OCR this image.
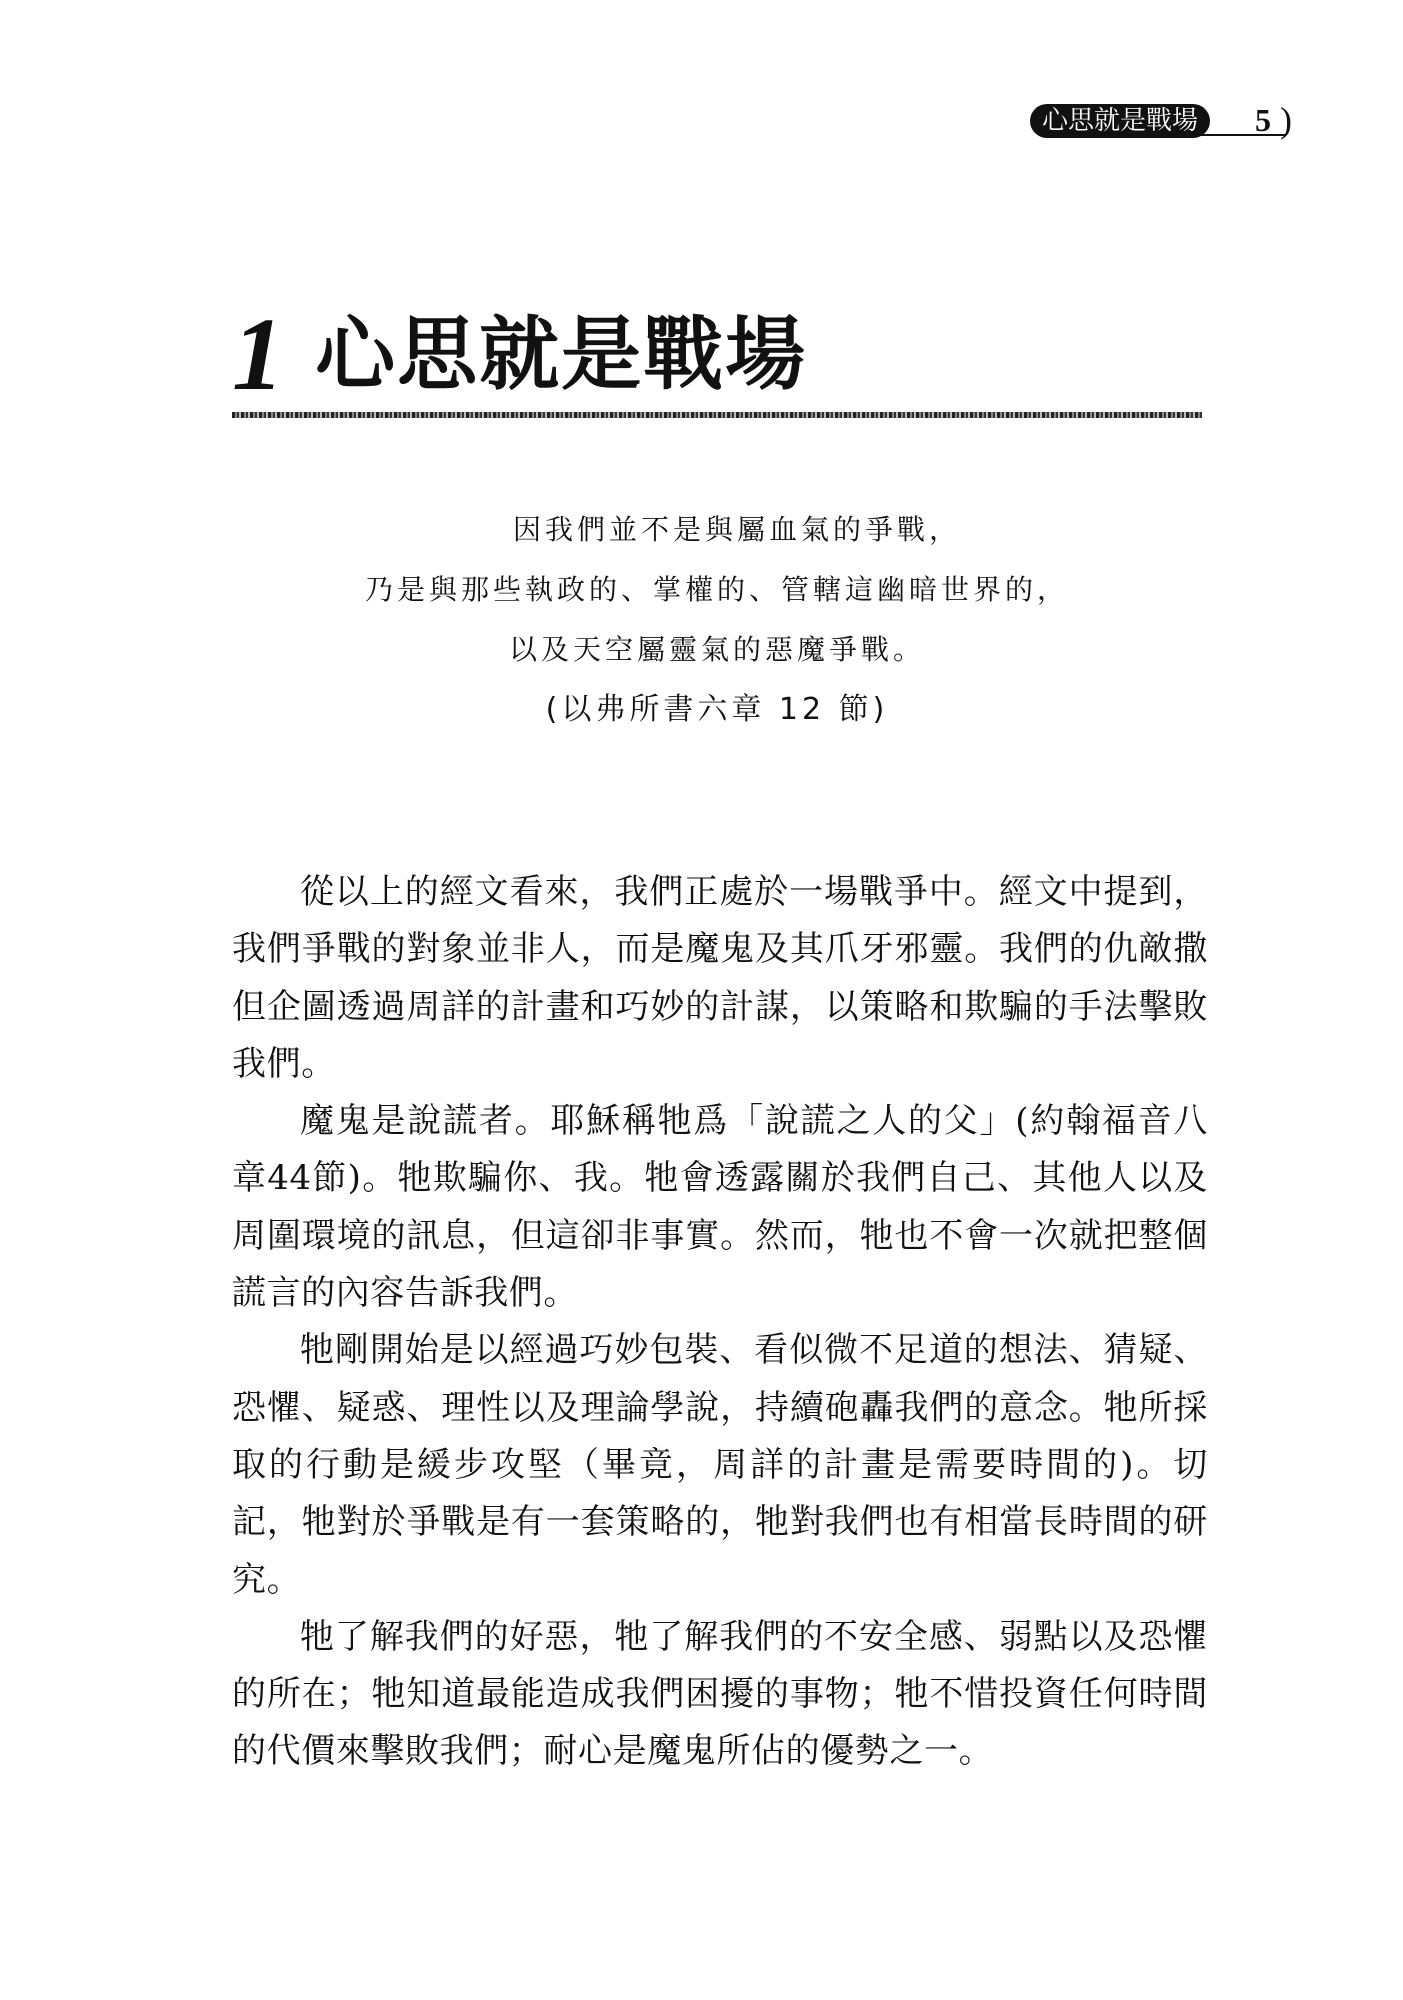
心思就是戰場	5 )
1 心思就是戰場
因我們並不是與屬血氣的爭戰，
乃是與那些執政的、掌權的、管轄這幽暗世界的，
以及天空屬靈氣的惡魔爭戰。
(以弗所書六章 12 節)

從以上的經文看來，我們正處於一場戰爭中。經文中提到，我們爭戰的對象並非人，而是魔鬼及其爪牙邪靈。我們的仇敵撒但企圖透過周詳的計畫和巧妙的計謀，以策略和欺騙的手法擊敗我們。

魔鬼是說謊者。耶穌稱牠爲「說謊之人的父」(約翰福音八章44節)。牠欺騙你、我。牠會透露關於我們自己、其他人以及周圍環境的訊息，但這卻非事實。然而，牠也不會一次就把整個謊言的內容告訴我們。

牠剛開始是以經過巧妙包裝、看似微不足道的想法、猜疑、恐懼、疑惑、理性以及理論學說，持續砲轟我們的意念。牠所採取的行動是緩步攻堅（畢竟，周詳的計畫是需要時間的)。切記，牠對於爭戰是有一套策略的，牠對我們也有相當長時間的研究。

牠了解我們的好惡，牠了解我們的不安全感、弱點以及恐懼的所在；牠知道最能造成我們困擾的事物；牠不惜投資任何時間的代價來擊敗我們；耐心是魔鬼所佔的優勢之一。
